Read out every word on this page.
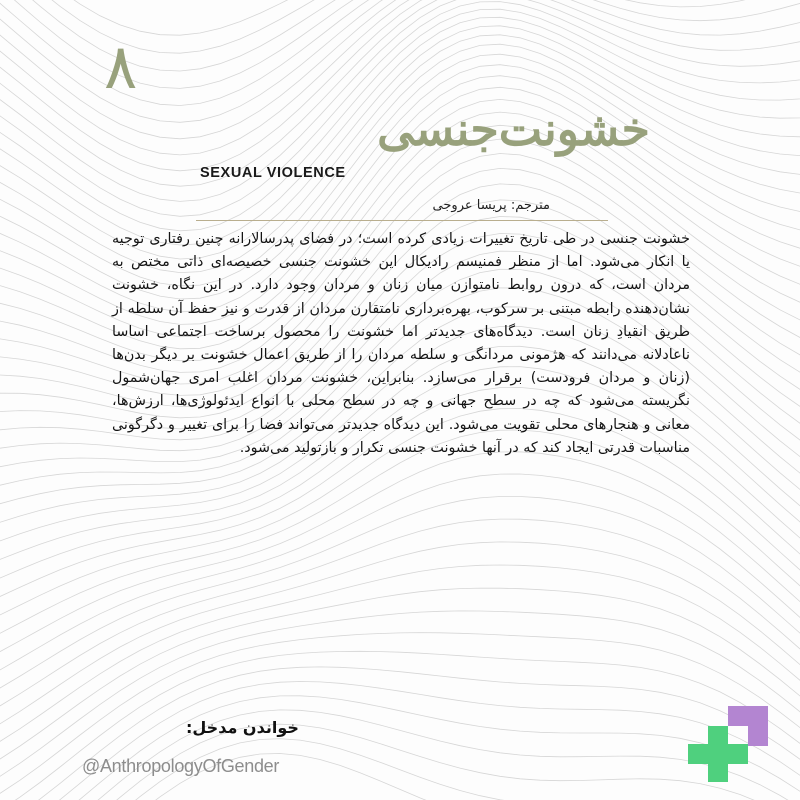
٨
خشونت‌جنسی
SEXUAL VIOLENCE
مترجم: پریسا عروجی
خشونت جنسی در طی تاریخ تغییرات زیادی کرده است؛ در فضای پدرسالارانه چنین رفتاری توجیه یا انکار می‌شود. اما از منظر فمنیسم رادیکال این خشونت جنسی خصیصه‌ای ذاتی مختص به مردان است، که درون روابط نامتوازن میان زنان و مردان وجود دارد. در این نگاه، خشونت نشان‌دهنده رابطه مبتنی بر سرکوب، بهره‌برداری نامتقارن مردان از قدرت و نیز حفظ آن سلطه از طریق انقیادِ زنان است. دیدگاه‌های جدیدتر اما خشونت را محصول برساخت اجتماعی اساسا ناعادلانه می‌دانند که هژمونی مردانگی و سلطه مردان را از طریق اعمال خشونت بر دیگر بدن‌ها (زنان و مردان فرودست) برقرار می‌سازد. بنابراین، خشونت مردان اغلب امری جهان‌شمول نگریسته می‌شود که چه در سطح جهانی و چه در سطح محلی با انواع ایدئولوژی‌ها، ارزش‌ها، معانی و هنجارهای محلی تقویت می‌شود. این دیدگاه جدیدتر می‌تواند فضا را برای تغییر و دگرگونی مناسبات قدرتی ایجاد کند که در آنها خشونت جنسی تکرار و بازتولید می‌شود.
خواندن مدخل:
@AnthropologyOfGender
